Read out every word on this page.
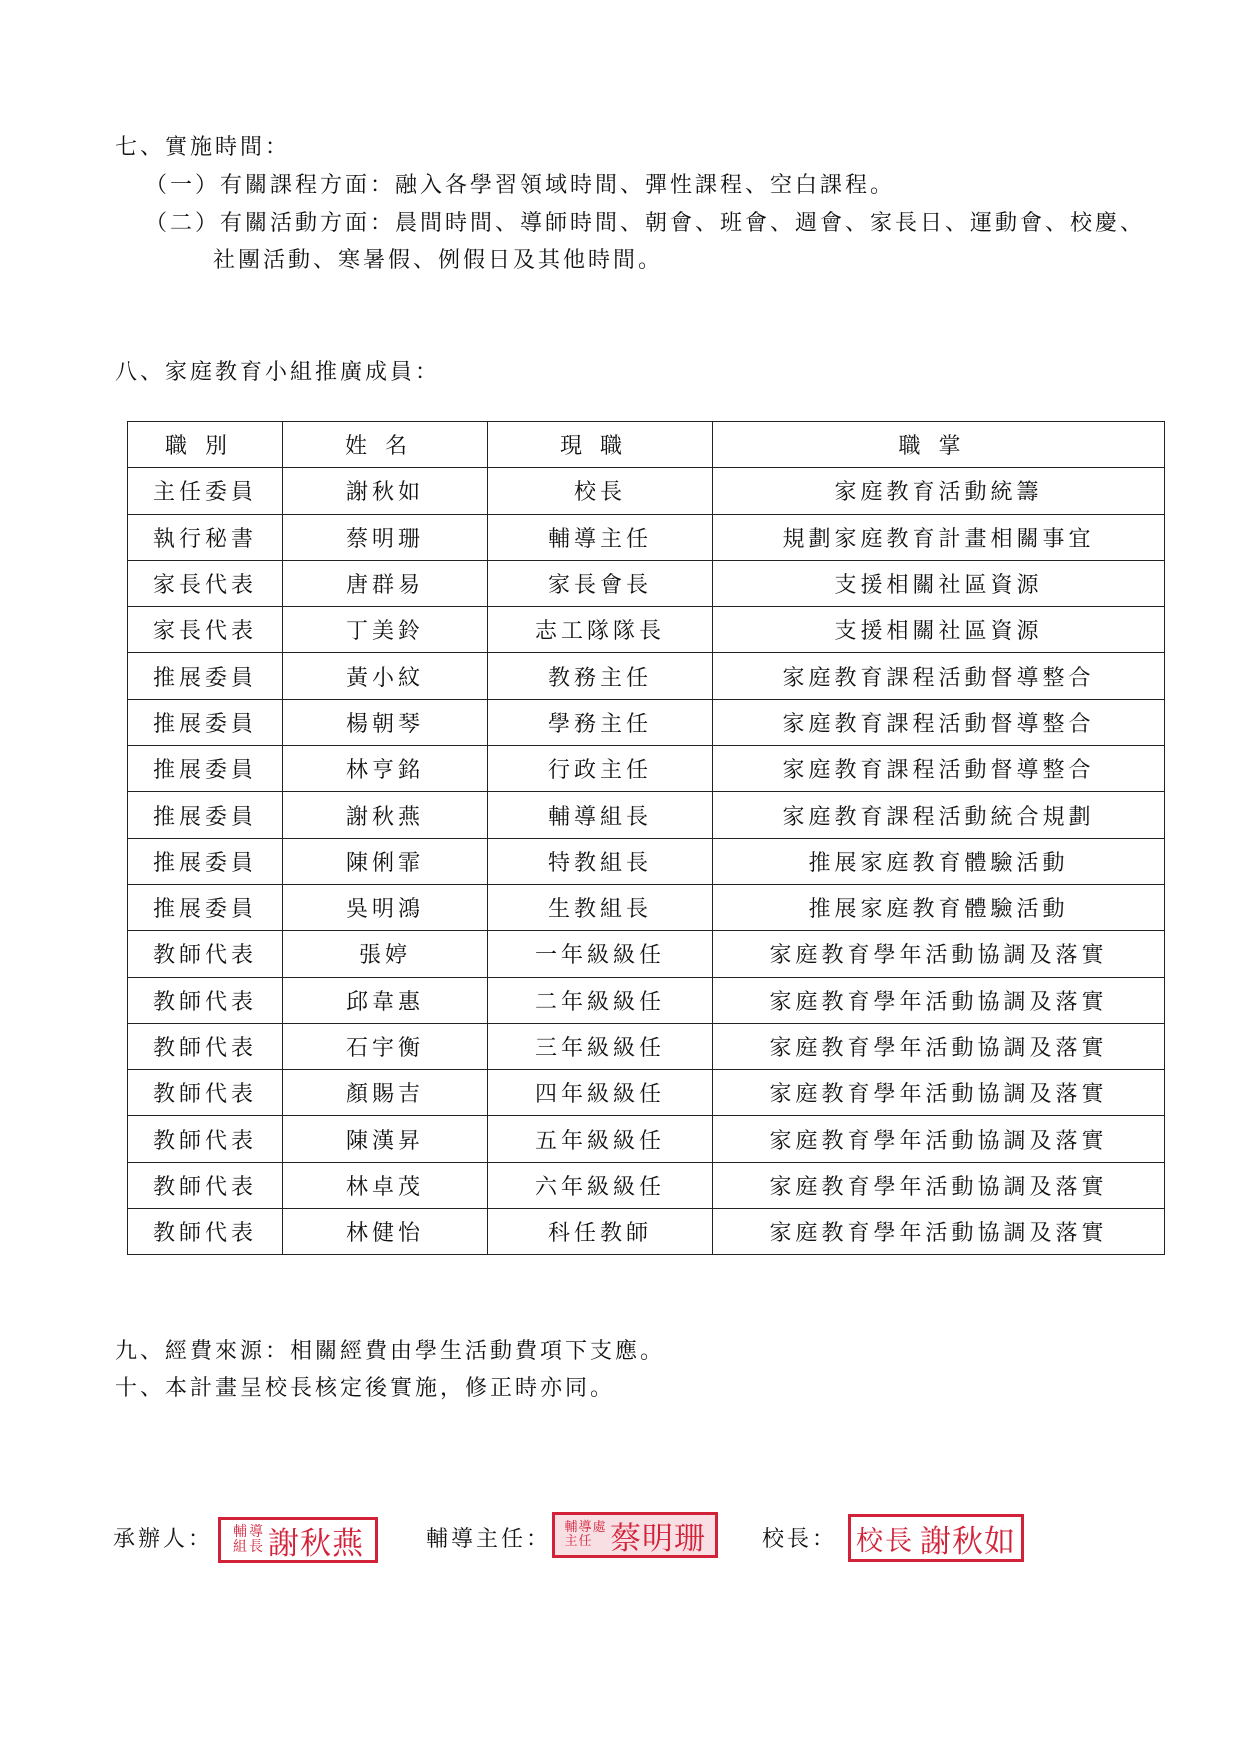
七、實施時間：
（一）有關課程方面：融入各學習領域時間、彈性課程、空白課程。
（二）有關活動方面：晨間時間、導師時間、朝會、班會、週會、家長日、運動會、校慶、
社團活動、寒暑假、例假日及其他時間。
八、家庭教育小組推廣成員：
職別	姓名	現職	職掌
主任委員	謝秋如	校長	家庭教育活動統籌
執行秘書	蔡明珊	輔導主任	規劃家庭教育計畫相關事宜
家長代表	唐群易	家長會長	支援相關社區資源
家長代表	丁美鈴	志工隊隊長	支援相關社區資源
推展委員	黃小紋	教務主任	家庭教育課程活動督導整合
推展委員	楊朝琴	學務主任	家庭教育課程活動督導整合
推展委員	林亨銘	行政主任	家庭教育課程活動督導整合
推展委員	謝秋燕	輔導組長	家庭教育課程活動統合規劃
推展委員	陳俐霏	特教組長	推展家庭教育體驗活動
推展委員	吳明鴻	生教組長	推展家庭教育體驗活動
教師代表	張婷	一年級級任	家庭教育學年活動協調及落實
教師代表	邱韋惠	二年級級任	家庭教育學年活動協調及落實
教師代表	石宇衡	三年級級任	家庭教育學年活動協調及落實
教師代表	顏賜吉	四年級級任	家庭教育學年活動協調及落實
教師代表	陳漢昇	五年級級任	家庭教育學年活動協調及落實
教師代表	林卓茂	六年級級任	家庭教育學年活動協調及落實
教師代表	林健怡	科任教師	家庭教育學年活動協調及落實
九、經費來源：相關經費由學生活動費項下支應。
十、本計畫呈校長核定後實施，修正時亦同。
承辦人： 輔 導
組 長 謝秋燕	輔導主任： 輔 導 處
主 任 蔡明珊	校長： 校長 謝秋如
